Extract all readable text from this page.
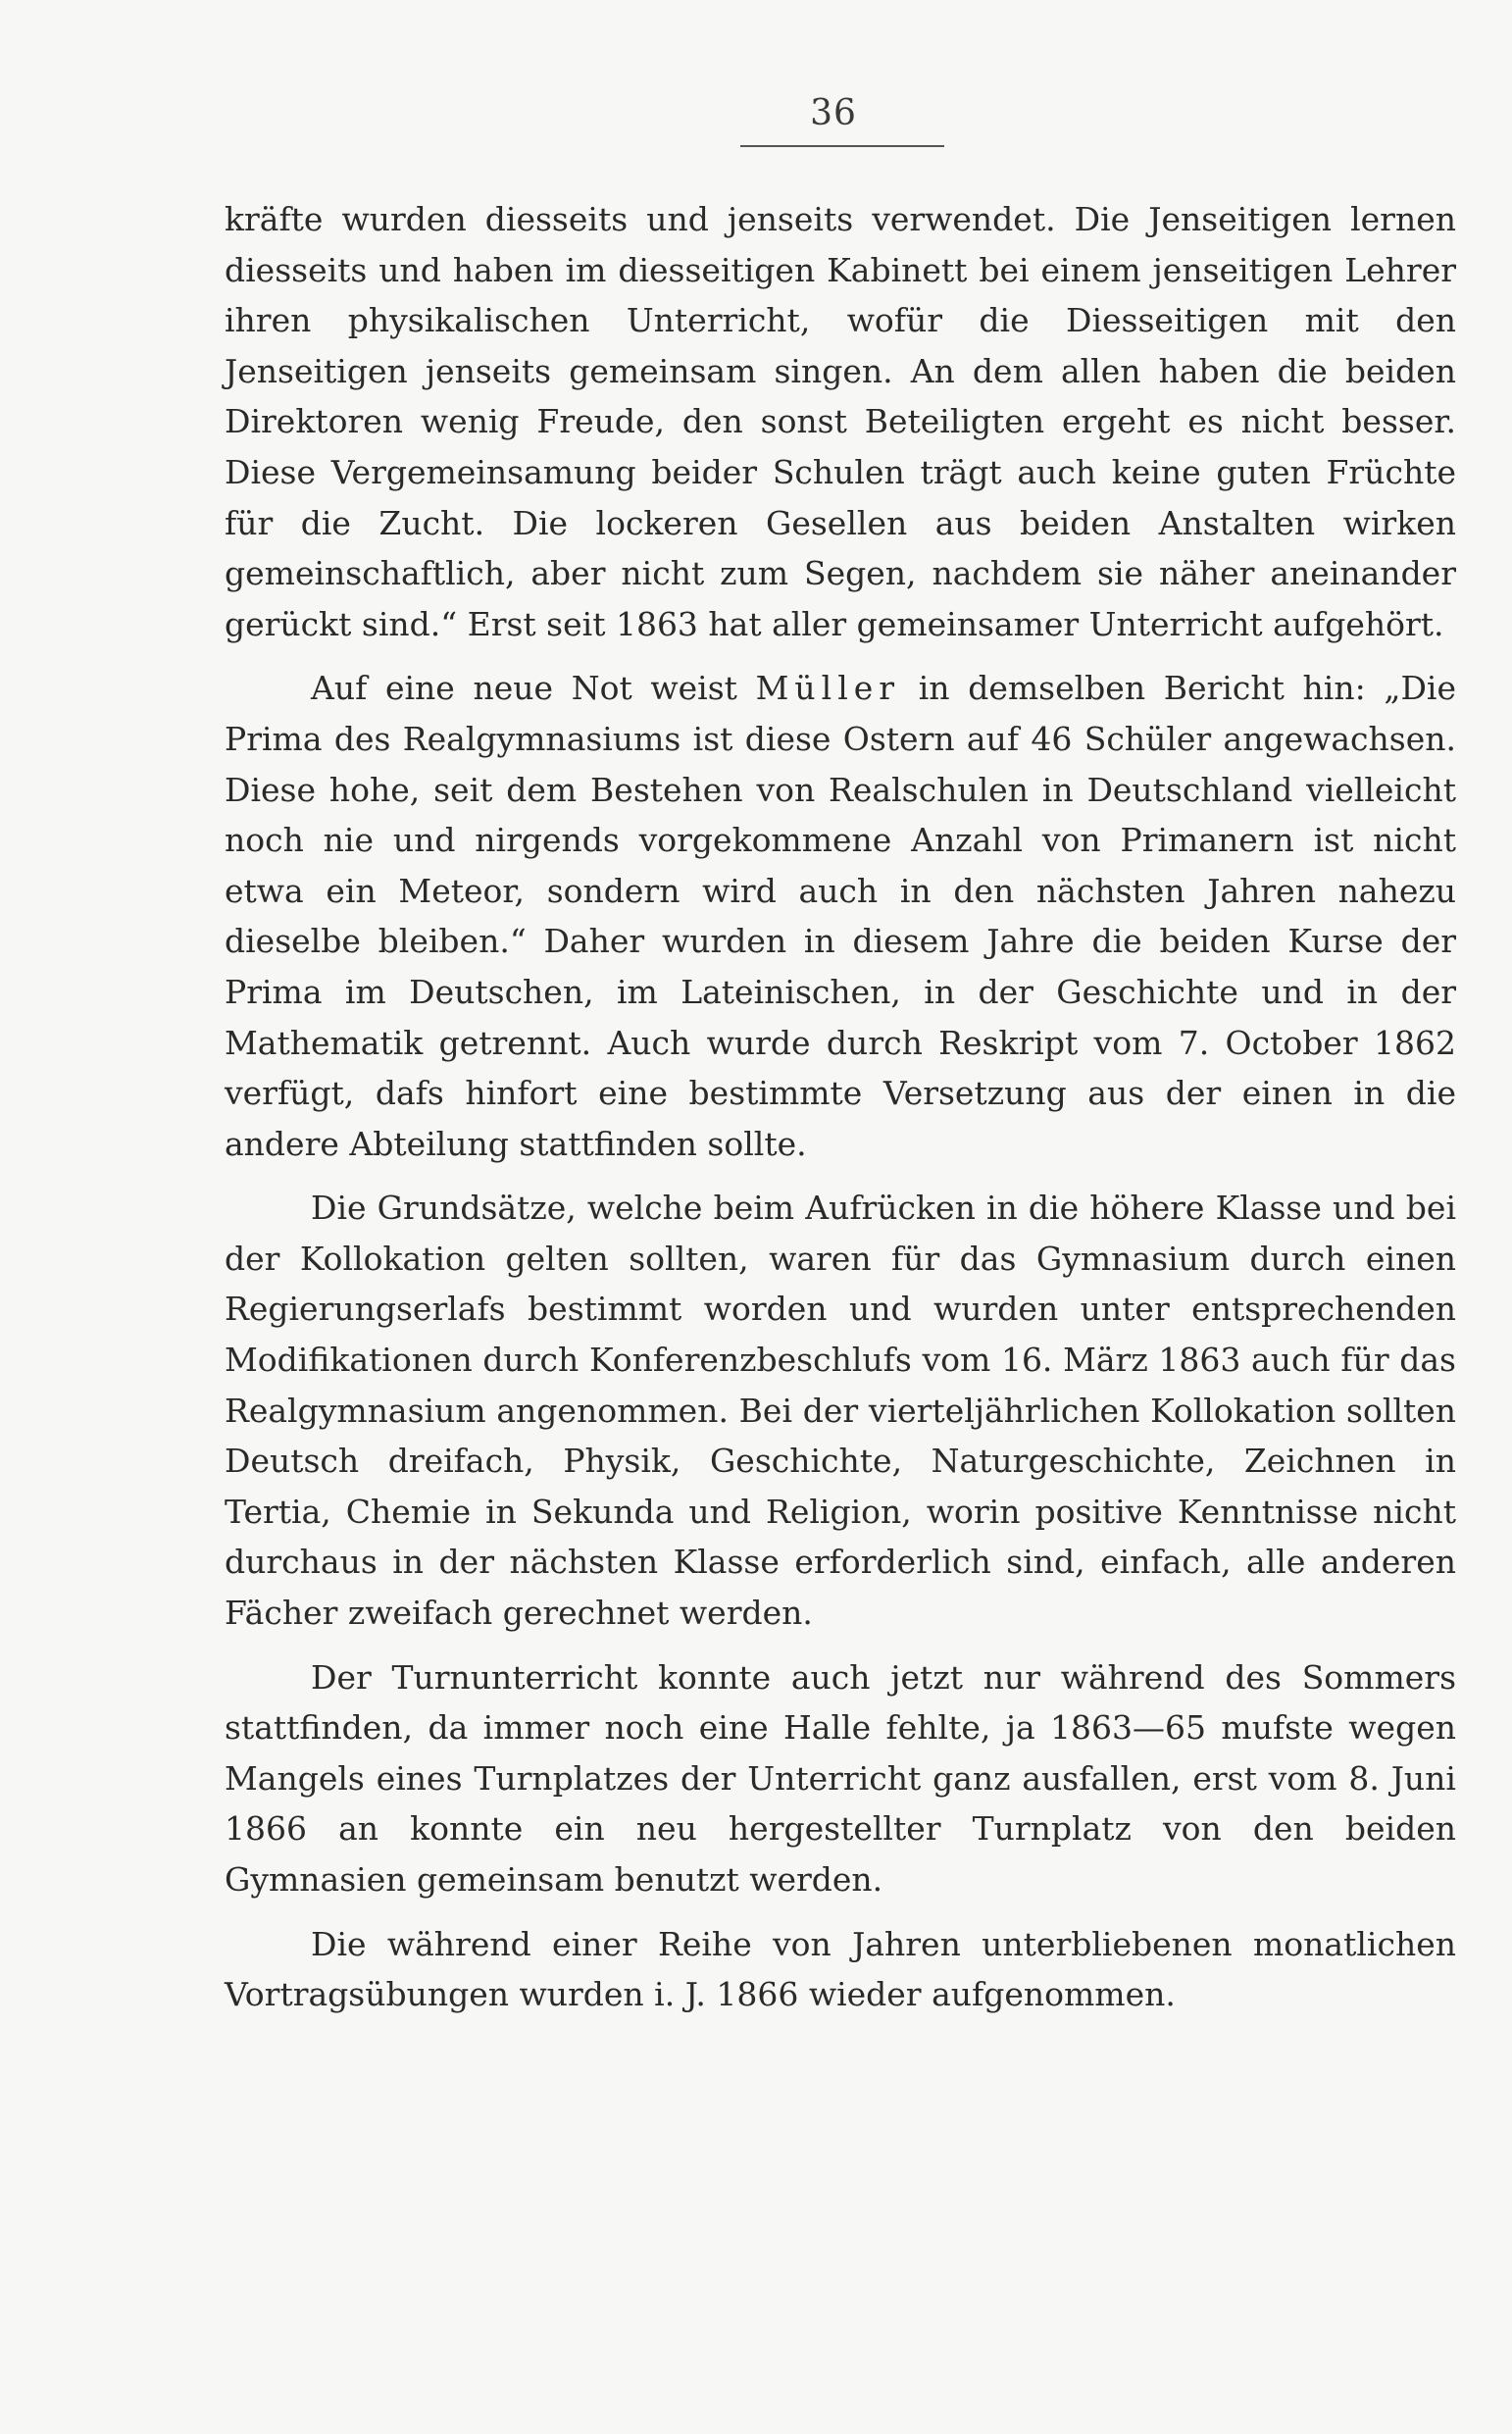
36

kräfte wurden diesseits und jenseits verwendet. Die Jenseitigen lernen diesseits und haben im diesseitigen Kabinett bei einem jenseitigen Lehrer ihren physikalischen Unterricht, wofür die Diesseitigen mit den Jenseitigen jenseits gemeinsam singen. An dem allen haben die beiden Direktoren wenig Freude, den sonst Beteiligten ergeht es nicht besser. Diese Vergemeinsamung beider Schulen trägt auch keine guten Früchte für die Zucht. Die lockeren Gesellen aus beiden Anstalten wirken gemeinschaftlich, aber nicht zum Segen, nachdem sie näher aneinander gerückt sind.“ Erst seit 1863 hat aller gemeinsamer Unterricht aufgehört.

Auf eine neue Not weist Müller in demselben Bericht hin: „Die Prima des Realgymnasiums ist diese Ostern auf 46 Schüler angewachsen. Diese hohe, seit dem Bestehen von Realschulen in Deutschland vielleicht noch nie und nirgends vorgekommene Anzahl von Primanern ist nicht etwa ein Meteor, sondern wird auch in den nächsten Jahren nahezu dieselbe bleiben.“ Daher wurden in diesem Jahre die beiden Kurse der Prima im Deutschen, im Lateinischen, in der Geschichte und in der Mathematik getrennt. Auch wurde durch Reskript vom 7. October 1862 verfügt, dafs hinfort eine bestimmte Versetzung aus der einen in die andere Abteilung stattfinden sollte.

Die Grundsätze, welche beim Aufrücken in die höhere Klasse und bei der Kollokation gelten sollten, waren für das Gymnasium durch einen Regierungserlafs bestimmt worden und wurden unter entsprechenden Modifikationen durch Konferenzbeschlufs vom 16. März 1863 auch für das Realgymnasium angenommen. Bei der vierteljährlichen Kollokation sollten Deutsch dreifach, Physik, Geschichte, Naturgeschichte, Zeichnen in Tertia, Chemie in Sekunda und Religion, worin positive Kenntnisse nicht durchaus in der nächsten Klasse erforderlich sind, einfach, alle anderen Fächer zweifach gerechnet werden.

Der Turnunterricht konnte auch jetzt nur während des Sommers stattfinden, da immer noch eine Halle fehlte, ja 1863—65 mufste wegen Mangels eines Turnplatzes der Unterricht ganz ausfallen, erst vom 8. Juni 1866 an konnte ein neu hergestellter Turnplatz von den beiden Gymnasien gemeinsam benutzt werden.

Die während einer Reihe von Jahren unterbliebenen monatlichen Vortragsübungen wurden i. J. 1866 wieder aufgenommen.
